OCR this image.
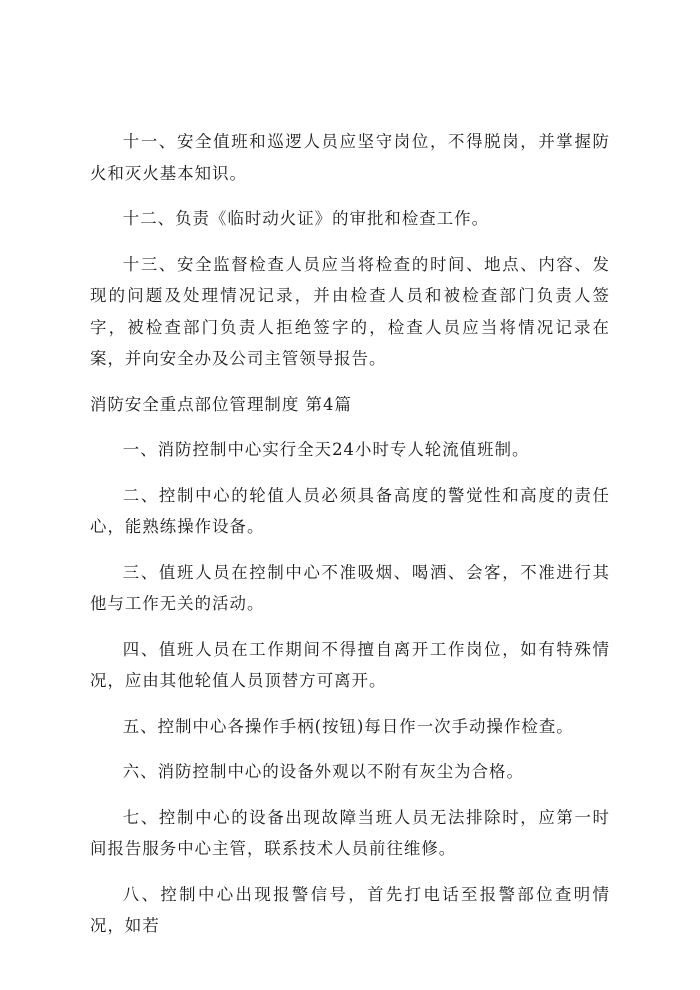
十一、安全值班和巡逻人员应坚守岗位，不得脱岗，并掌握防火和灭火基本知识。

十二、负责《临时动火证》的审批和检查工作。

十三、安全监督检查人员应当将检查的时间、地点、内容、发现的问题及处理情况记录，并由检查人员和被检查部门负责人签字，被检查部门负责人拒绝签字的，检查人员应当将情况记录在案，并向安全办及公司主管领导报告。

消防安全重点部位管理制度 第4篇

一、消防控制中心实行全天24小时专人轮流值班制。

二、控制中心的轮值人员必须具备高度的警觉性和高度的责任心，能熟练操作设备。

三、值班人员在控制中心不准吸烟、喝酒、会客，不准进行其他与工作无关的活动。

四、值班人员在工作期间不得擅自离开工作岗位，如有特殊情况，应由其他轮值人员顶替方可离开。

五、控制中心各操作手柄(按钮)每日作一次手动操作检查。

六、消防控制中心的设备外观以不附有灰尘为合格。

七、控制中心的设备出现故障当班人员无法排除时，应第一时间报告服务中心主管，联系技术人员前往维修。

八、控制中心出现报警信号，首先打电话至报警部位查明情况，如若
